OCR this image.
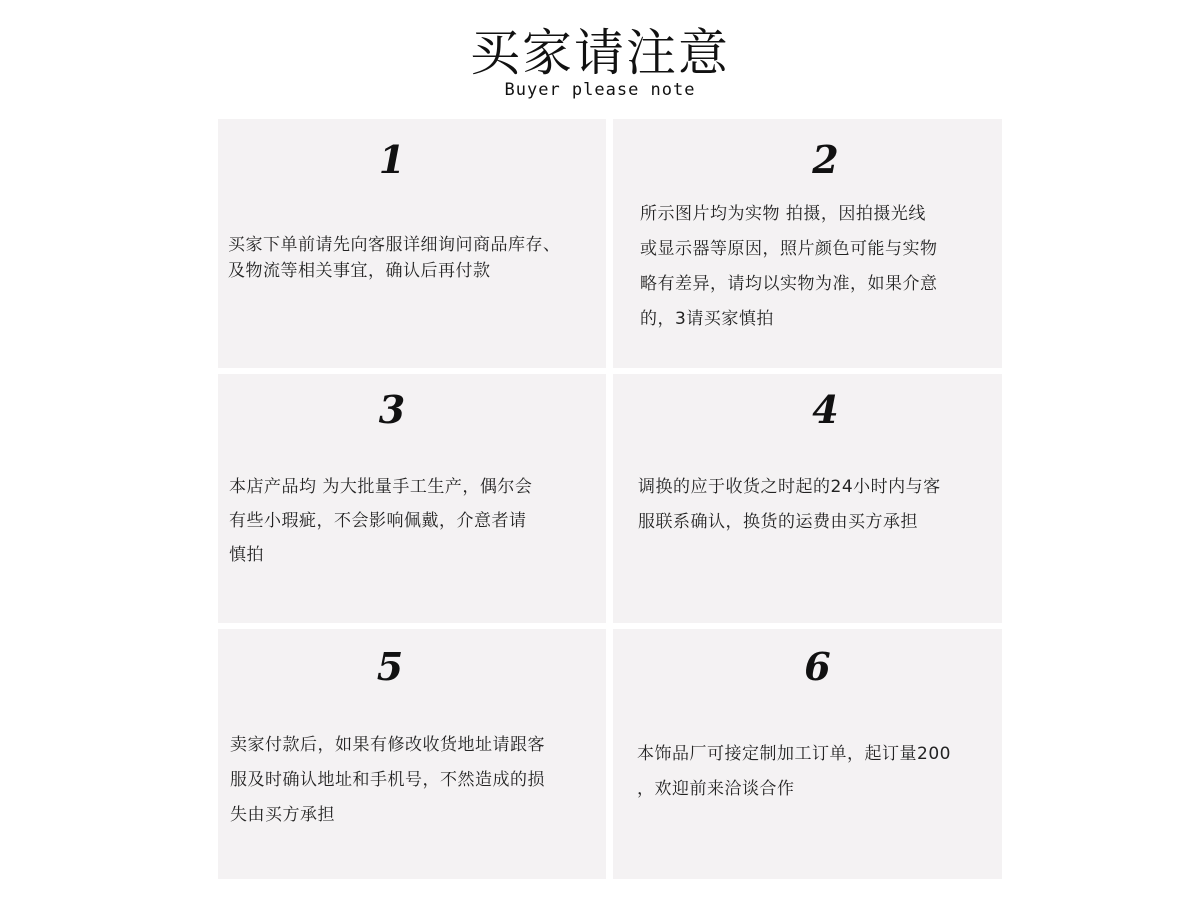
买家请注意
Buyer please note
1
买家下单前请先向客服详细询问商品库存、
及物流等相关事宜，确认后再付款
2
所示图片均为实物 拍摄，因拍摄光线
或显示器等原因，照片颜色可能与实物
略有差异，请均以实物为准，如果介意
的，3请买家慎拍
3
本店产品均 为大批量手工生产，偶尔会
有些小瑕疵，不会影响佩戴，介意者请
慎拍
4
调换的应于收货之时起的24小时内与客
服联系确认，换货的运费由买方承担
5
卖家付款后，如果有修改收货地址请跟客
服及时确认地址和手机号，不然造成的损
失由买方承担
6
本饰品厂可接定制加工订单，起订量200
，欢迎前来洽谈合作
